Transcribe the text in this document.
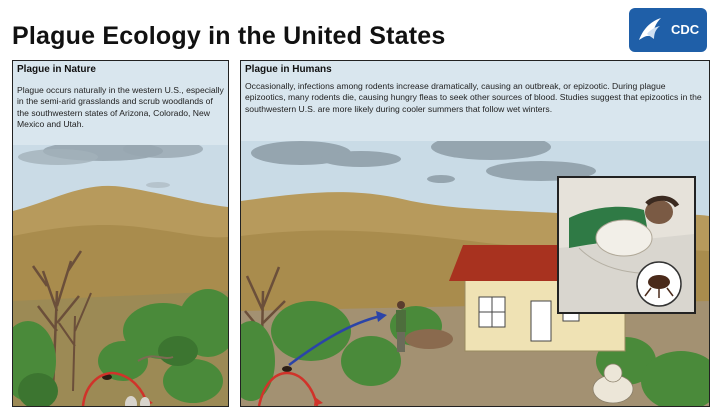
Plague Ecology in the United States	CDC
Plague in Nature
Plague occurs naturally in the western U.S., especially in the semi-arid grasslands and scrub woodlands of the southwestern states of Arizona, Colorado, New Mexico and Utah.
Plague in Humans
Occasionally, infections among rodents increase dramatically, causing an outbreak, or epizootic. During plague epizootics, many rodents die, causing hungry fleas to seek other sources of blood. Studies suggest that epizootics in the southwestern U.S. are more likely during cooler summers that follow wet winters.
